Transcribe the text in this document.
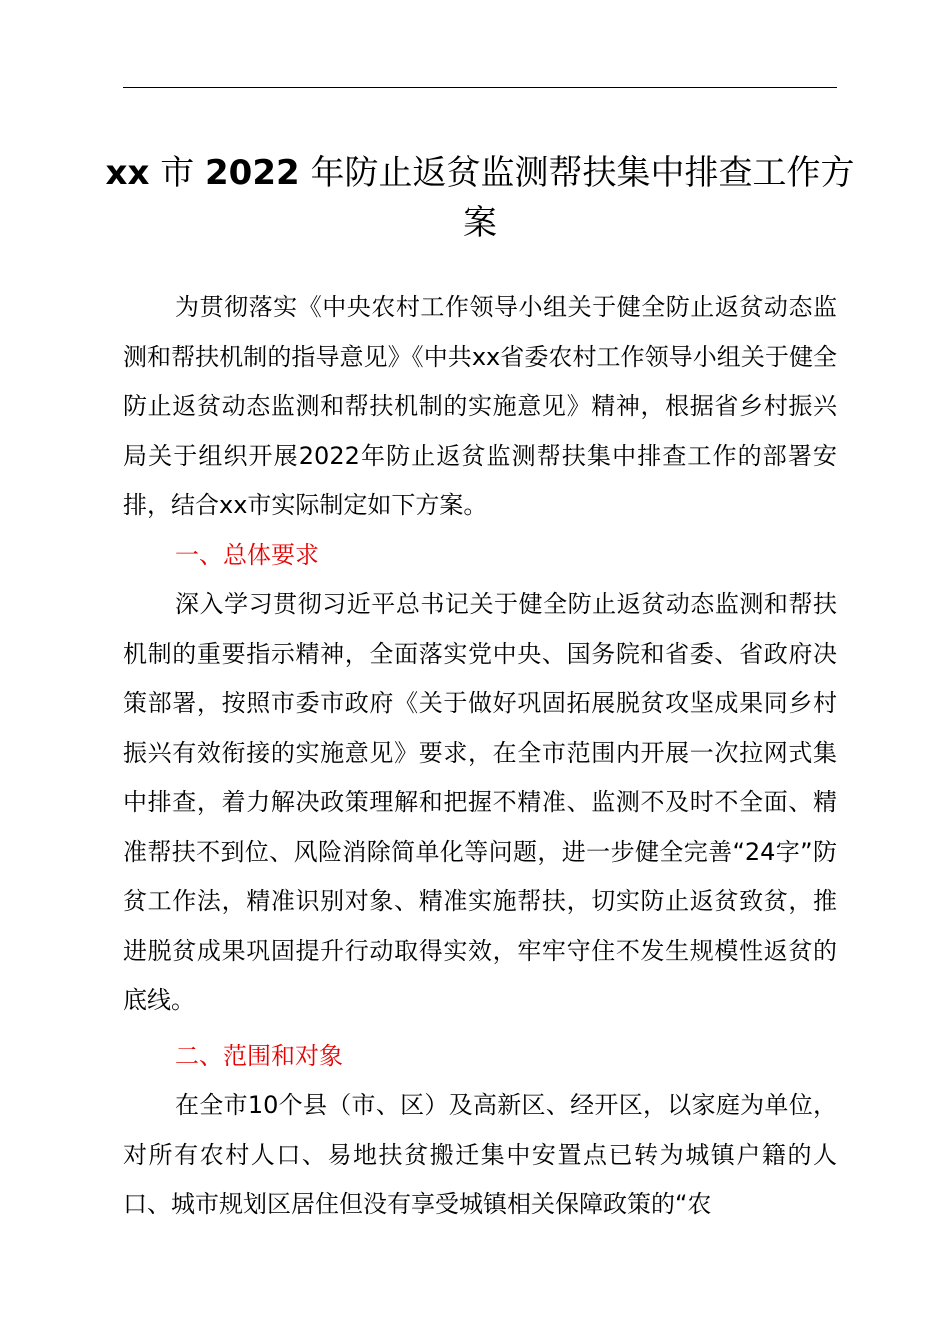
xx 市 2022 年防止返贫监测帮扶集中排查工作方案

为贯彻落实《中央农村工作领导小组关于健全防止返贫动态监测和帮扶机制的指导意见》《中共xx省委农村工作领导小组关于健全防止返贫动态监测和帮扶机制的实施意见》精神，根据省乡村振兴局关于组织开展2022年防止返贫监测帮扶集中排查工作的部署安排，结合xx市实际制定如下方案。

一、总体要求

深入学习贯彻习近平总书记关于健全防止返贫动态监测和帮扶机制的重要指示精神，全面落实党中央、国务院和省委、省政府决策部署，按照市委市政府《关于做好巩固拓展脱贫攻坚成果同乡村振兴有效衔接的实施意见》要求，在全市范围内开展一次拉网式集中排查，着力解决政策理解和把握不精准、监测不及时不全面、精准帮扶不到位、风险消除简单化等问题，进一步健全完善“24字”防贫工作法，精准识别对象、精准实施帮扶，切实防止返贫致贫，推进脱贫成果巩固提升行动取得实效，牢牢守住不发生规模性返贫的底线。

二、范围和对象

在全市10个县（市、区）及高新区、经开区，以家庭为单位，对所有农村人口、易地扶贫搬迁集中安置点已转为城镇户籍的人口、城市规划区居住但没有享受城镇相关保障政策的“农
